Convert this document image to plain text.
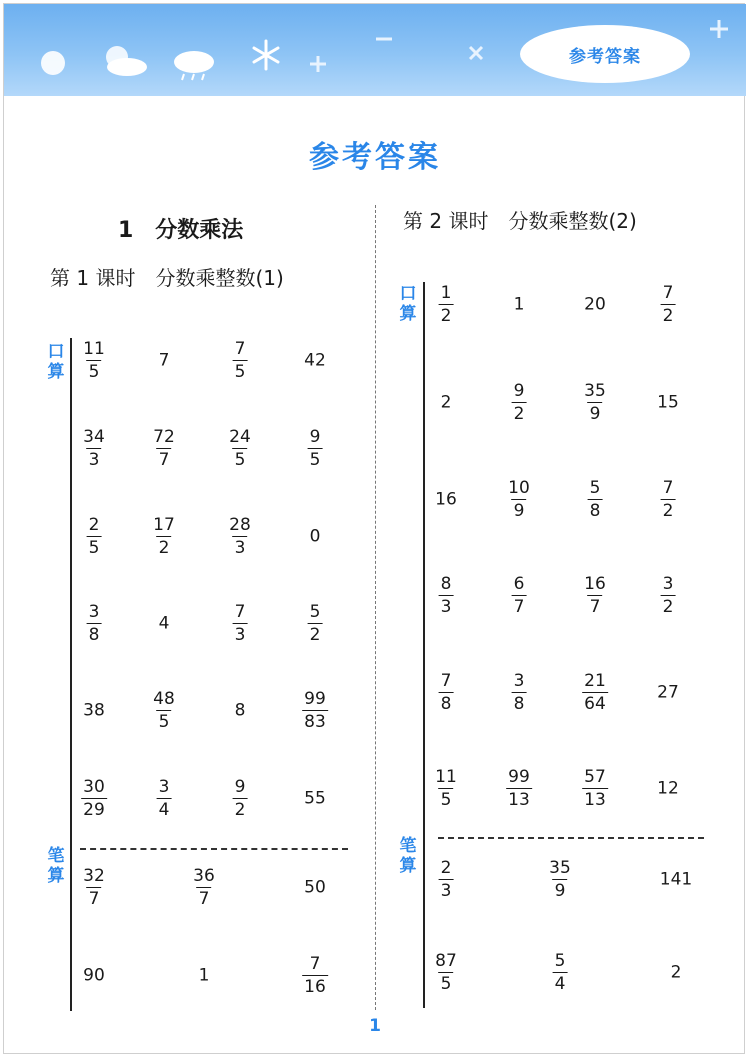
参考答案
参考答案
1　分数乘法
第 1 课时　分数乘整数(1)
口算
笔算
$\frac{11}{5}$	7	$\frac{7}{5}$	42
$\frac{34}{3}$	$\frac{72}{7}$	$\frac{24}{5}$	$\frac{9}{5}$
$\frac{2}{5}$	$\frac{17}{2}$	$\frac{28}{3}$	0
$\frac{3}{8}$	4	$\frac{7}{3}$	$\frac{5}{2}$
38	$\frac{48}{5}$	8	$\frac{99}{83}$
$\frac{30}{29}$	$\frac{3}{4}$	$\frac{9}{2}$	55
$\frac{32}{7}$	$\frac{36}{7}$	50
90	1	$\frac{7}{16}$
第 2 课时　分数乘整数(2)
口算
笔算
$\frac{1}{2}$	1	20	$\frac{7}{2}$
2	$\frac{9}{2}$	$\frac{35}{9}$	15
16	$\frac{10}{9}$	$\frac{5}{8}$	$\frac{7}{2}$
$\frac{8}{3}$	$\frac{6}{7}$	$\frac{16}{7}$	$\frac{3}{2}$
$\frac{7}{8}$	$\frac{3}{8}$	$\frac{21}{64}$	27
$\frac{11}{5}$	$\frac{99}{13}$	$\frac{57}{13}$	12
$\frac{2}{3}$	$\frac{35}{9}$	141
$\frac{87}{5}$	$\frac{5}{4}$	2
1
